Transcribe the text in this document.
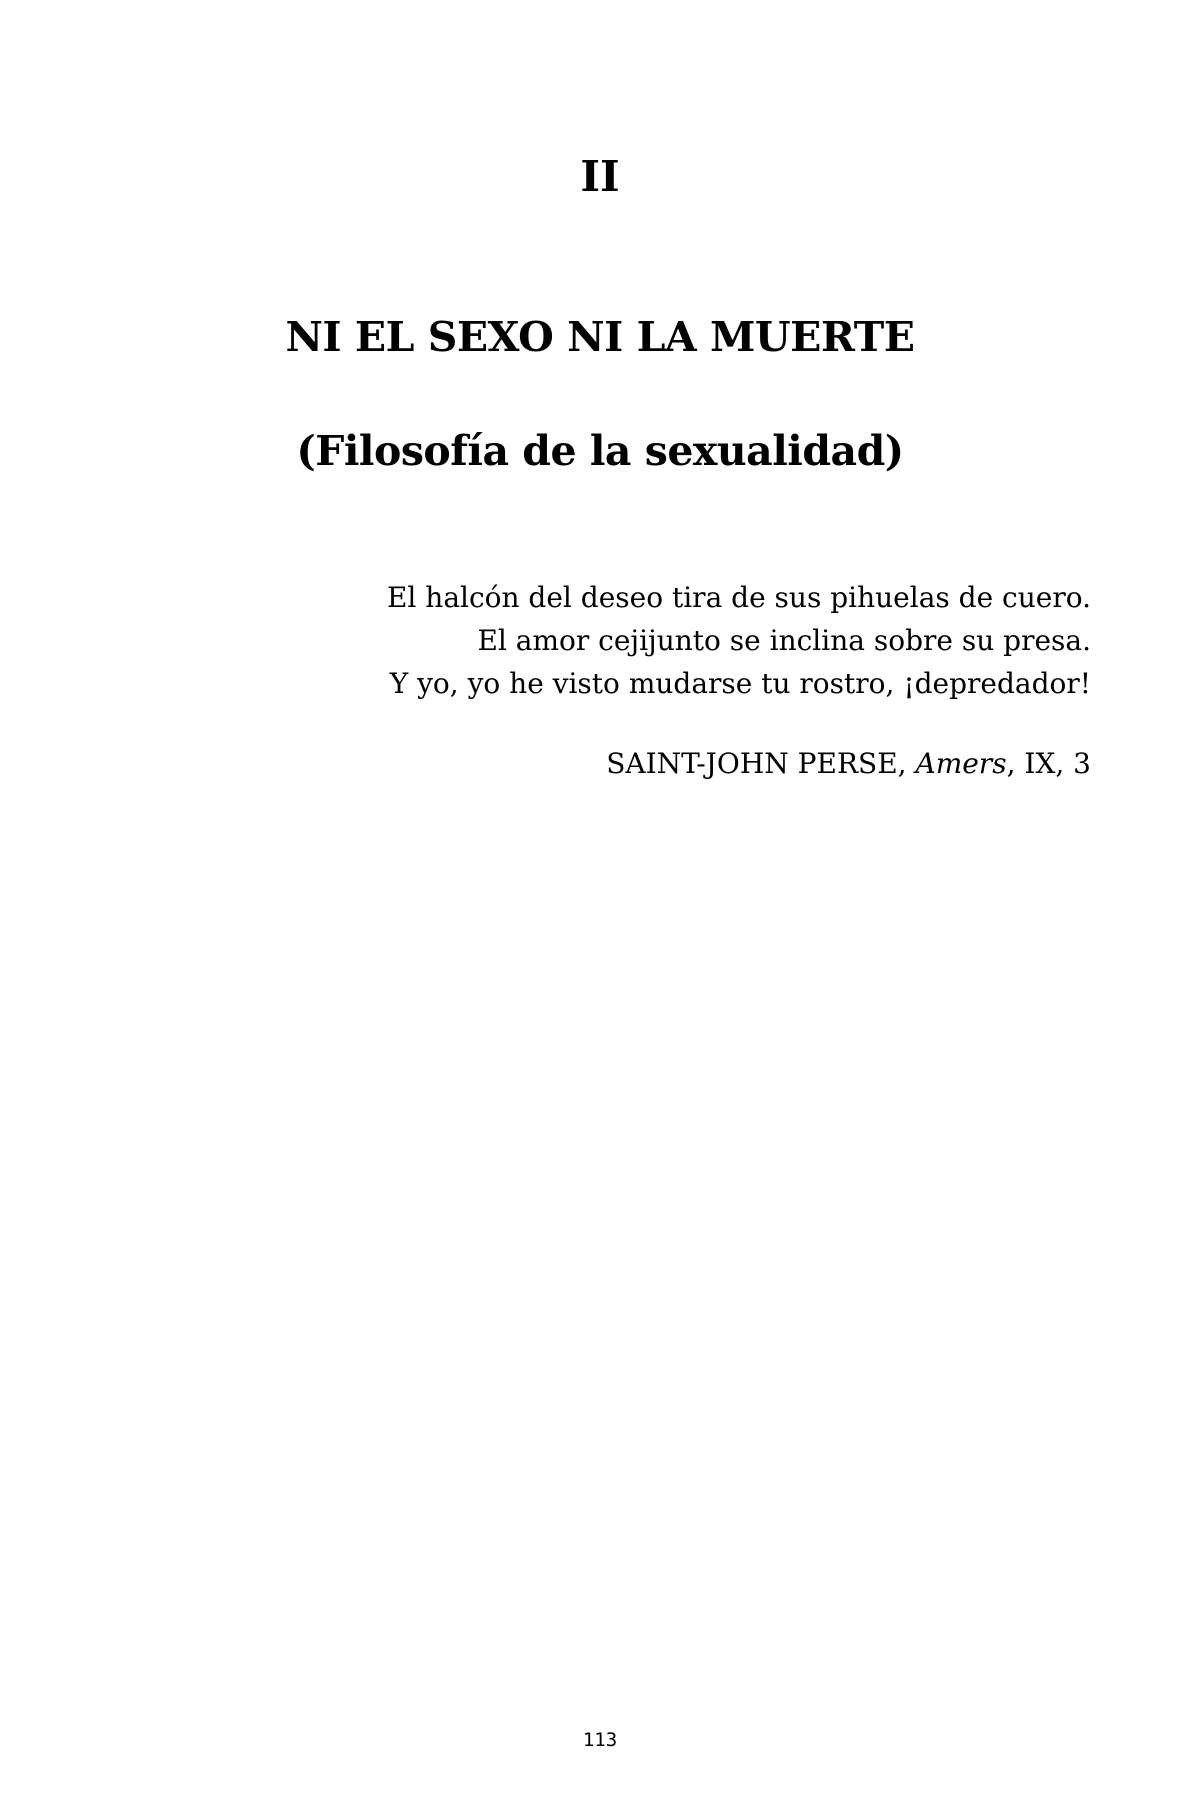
II
NI EL SEXO NI LA MUERTE
(Filosofía de la sexualidad)
El halcón del deseo tira de sus pihuelas de cuero.
El amor cejijunto se inclina sobre su presa.
Y yo, yo he visto mudarse tu rostro, ¡depredador!
SAINT-JOHN PERSE, Amers, IX, 3
113
